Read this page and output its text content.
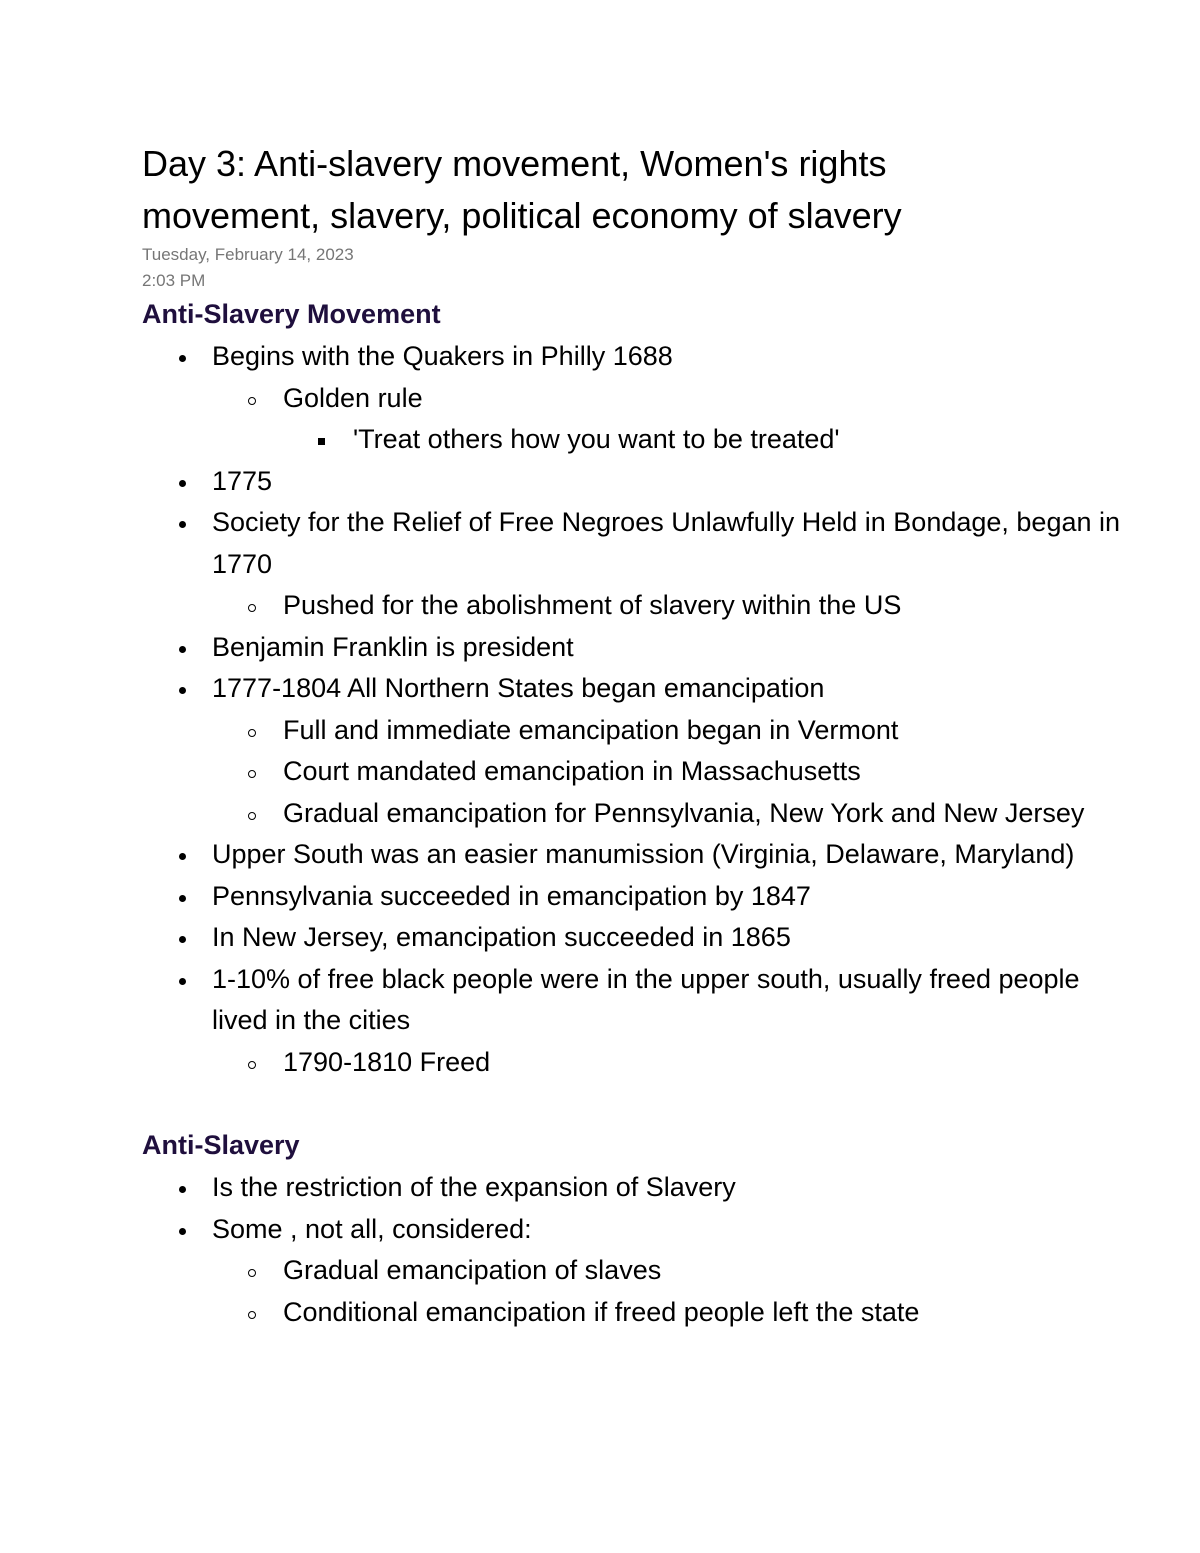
Day 3: Anti-slavery movement, Women's rights
movement, slavery, political economy of slavery

Tuesday, February 14, 2023

2:03 PM

Anti-Slavery Movement
Begins with the Quakers in Philly 1688
Golden rule
'Treat others how you want to be treated'
1775
Society for the Relief of Free Negroes Unlawfully Held in Bondage, began in 1770
Pushed for the abolishment of slavery within the US
Benjamin Franklin is president
1777-1804 All Northern States began emancipation
Full and immediate emancipation began in Vermont
Court mandated emancipation in Massachusetts
Gradual emancipation for Pennsylvania, New York and New Jersey
Upper South was an easier manumission (Virginia, Delaware, Maryland)
Pennsylvania succeeded in emancipation by 1847
In New Jersey, emancipation succeeded in 1865
1-10% of free black people were in the upper south, usually freed people lived in the cities
1790-1810 Freed
Anti-Slavery
Is the restriction of the expansion of Slavery
Some , not all, considered:
Gradual emancipation of slaves
Conditional emancipation if freed people left the state
